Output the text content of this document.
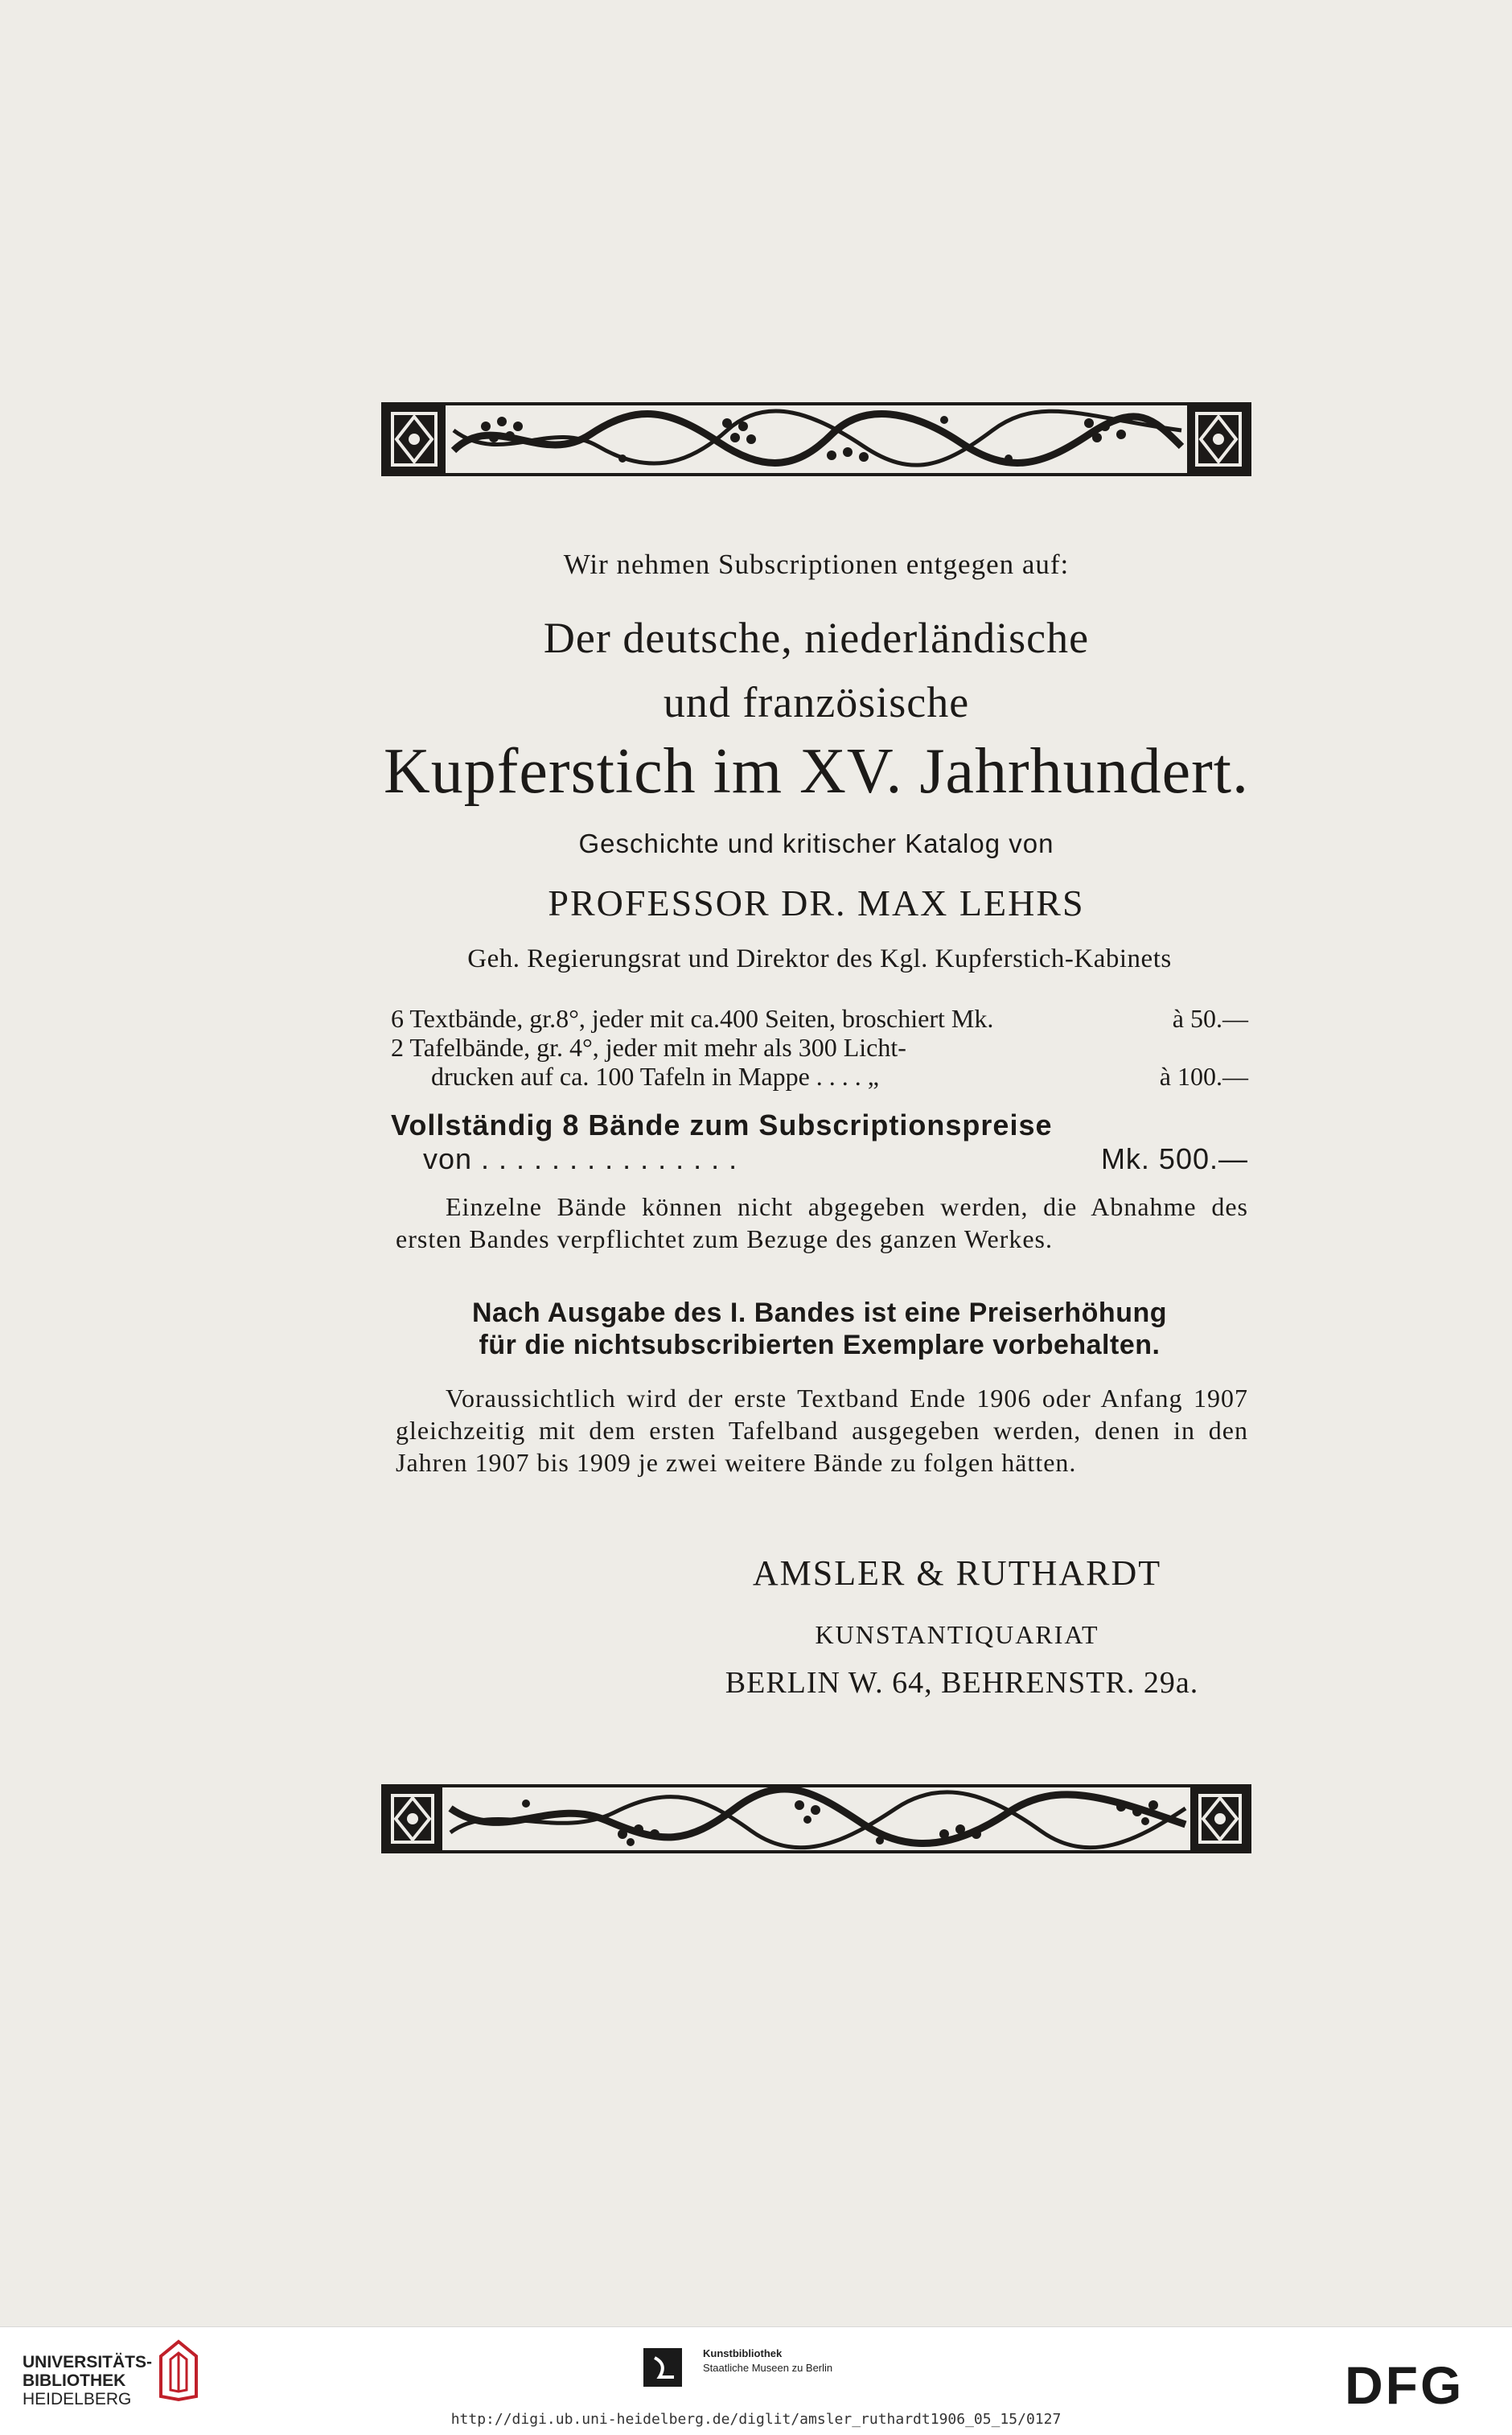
Wir nehmen Subscriptionen entgegen auf:
Der deutsche, niederländische
und französische
Kupferstich im XV. Jahrhundert.
Geschichte und kritischer Katalog von
PROFESSOR DR. MAX LEHRS
Geh. Regierungsrat und Direktor des Kgl. Kupferstich-Kabinets
6 Textbände, gr.8°, jeder mit ca.400 Seiten, broschiert Mk.	à 50.—
2 Tafelbände, gr. 4°, jeder mit mehr als 300 Licht-
drucken auf ca. 100 Tafeln in Mappe . . . . „	à 100.—
Vollständig 8 Bände zum Subscriptionspreise
von . . . . . . . . . . . . . . .	Mk. 500.—
Einzelne Bände können nicht abgegeben werden, die Abnahme des ersten Bandes verpflichtet zum Bezuge des ganzen Werkes.
Nach Ausgabe des I. Bandes ist eine Preiserhöhung
für die nichtsubscribierten Exemplare vorbehalten.
Voraussichtlich wird der erste Textband Ende 1906 oder Anfang 1907 gleichzeitig mit dem ersten Tafelband ausgegeben werden, denen in den Jahren 1907 bis 1909 je zwei weitere Bände zu folgen hätten.
AMSLER & RUTHARDT
KUNSTANTIQUARIAT
BERLIN W. 64, BEHRENSTR. 29a.
UNIVERSITÄTS-
BIBLIOTHEK
HEIDELBERG
Kunstbibliothek
Staatliche Museen zu Berlin	DFG
http://digi.ub.uni-heidelberg.de/diglit/amsler_ruthardt1906_05_15/0127
